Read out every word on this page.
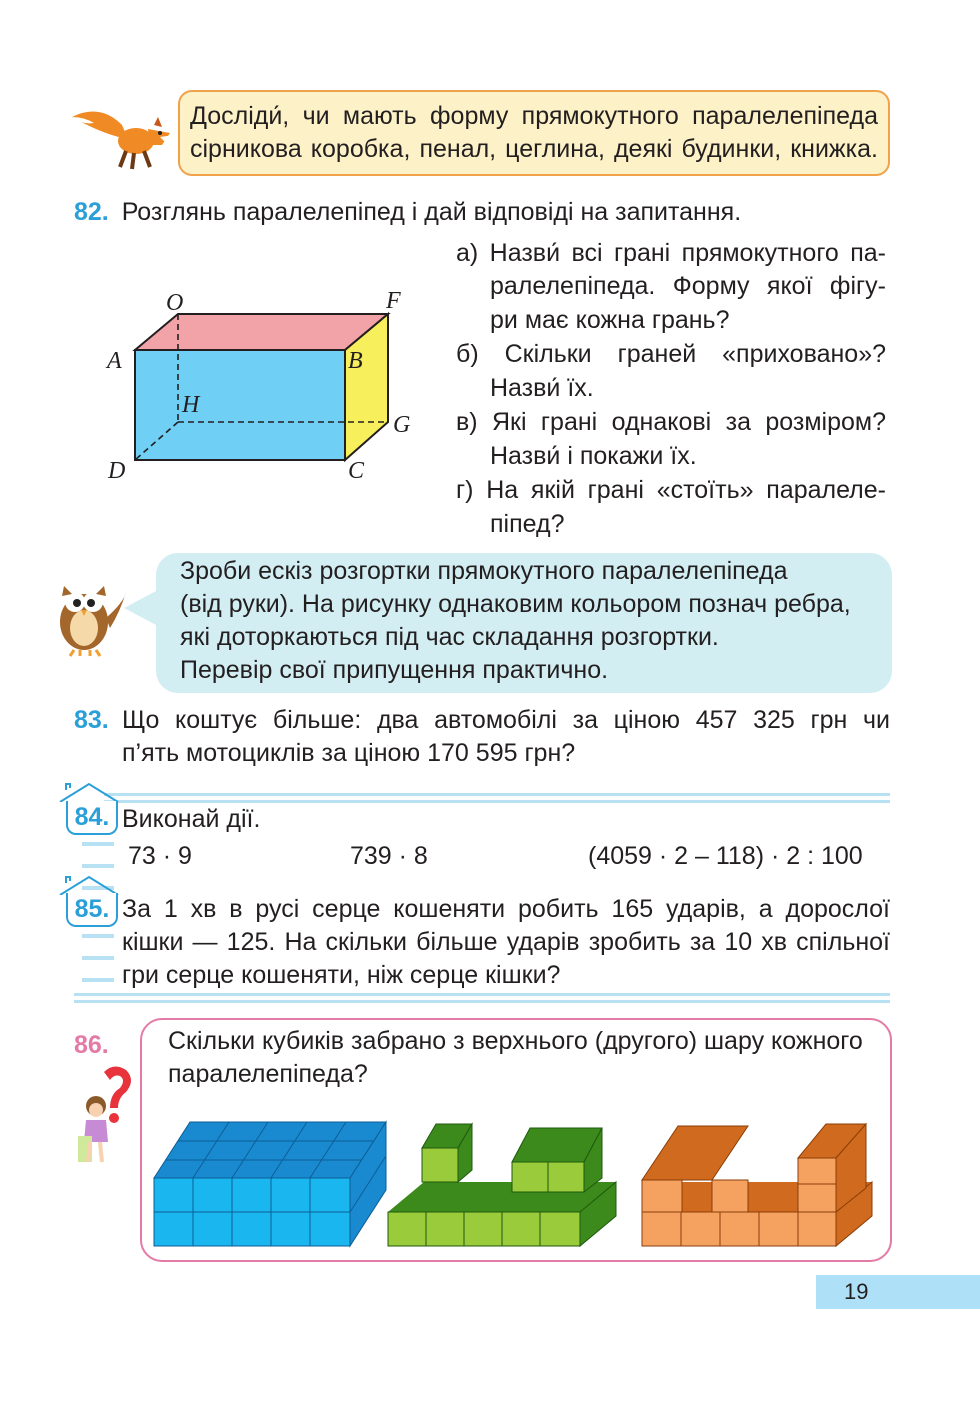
Досліди́, чи мають форму прямокутного паралелепіпеда
сірникова коробка, пенал, цеглина, деякі будинки, книжка.
82. Розглянь паралелепіпед і дай відповіді на запитання.
O	F
A	B
H
G
D	C
а) Назви́ всі грані прямокутного па-
ралелепіпеда. Форму якої фігу-
ри має кожна грань?
б) Скільки граней «приховано»?
Назви́ їх.
в) Які грані однакові за розміром?
Назви́ і покажи їх.
г) На якій грані «стоїть» паралеле-
піпед?
Зроби ескіз розгортки прямокутного паралелепіпеда
(від руки). На рисунку однаковим кольором познач ребра,
які доторкаються під час складання розгортки.
Перевір свої припущення практично.
83. Що коштує більше: два автомобілі за ціною 457 325 грн чи
п’ять мотоциклів за ціною 170 595 грн?
84. Виконай дії.
73 · 9	739 · 8	(4059 · 2 – 118) · 2 : 100
85. За 1 хв в русі серце кошеняти робить 165 ударів, а дорослої
кішки — 125. На скільки більше ударів зробить за 10 хв спільної
гри серце кошеняти, ніж серце кішки?
86. Скільки кубиків забрано з верхнього (другого) шару кожного
паралелепіпеда?
19
